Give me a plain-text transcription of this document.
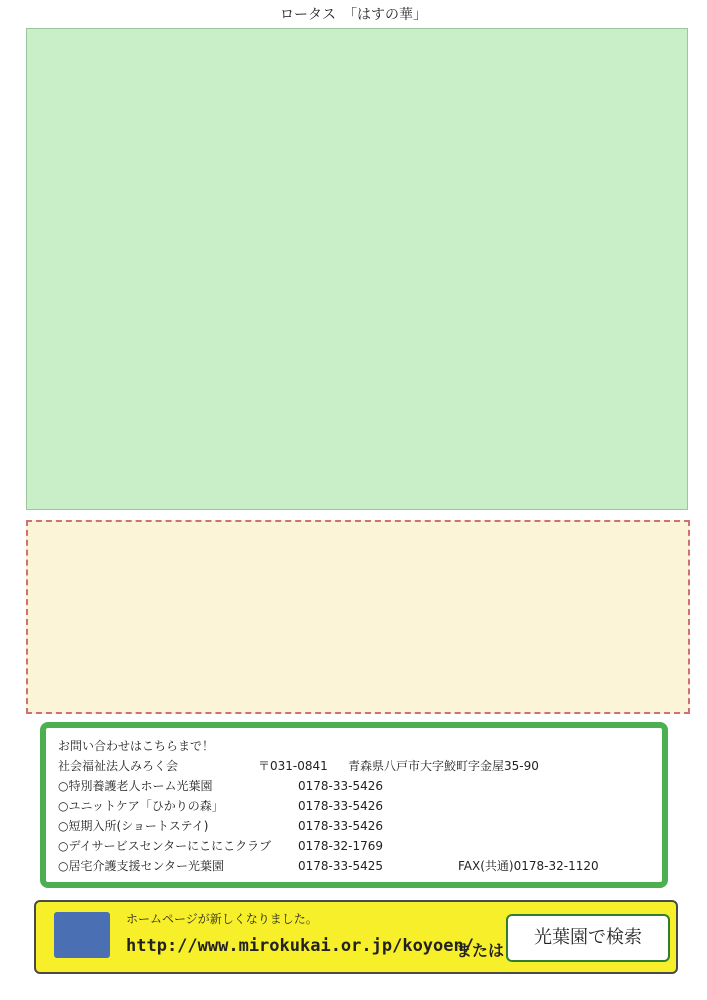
ロータス　「はすの華」
お問い合わせはこちらまで！
社会福祉法人みろく会	〒031-0841	青森県八戸市大字鮫町字金屋35-90
○特別養護老人ホーム光葉園	0178-33-5426
○ユニットケア「ひかりの森」	0178-33-5426
○短期入所(ショートステイ)	0178-33-5426
○デイサービスセンターにこにこクラブ	0178-32-1769
○居宅介護支援センター光葉園	0178-33-5425	FAX(共通)0178-32-1120
ホームページが新しくなりました。
http://www.mirokukai.or.jp/koyoen/
または
光葉園で検索
